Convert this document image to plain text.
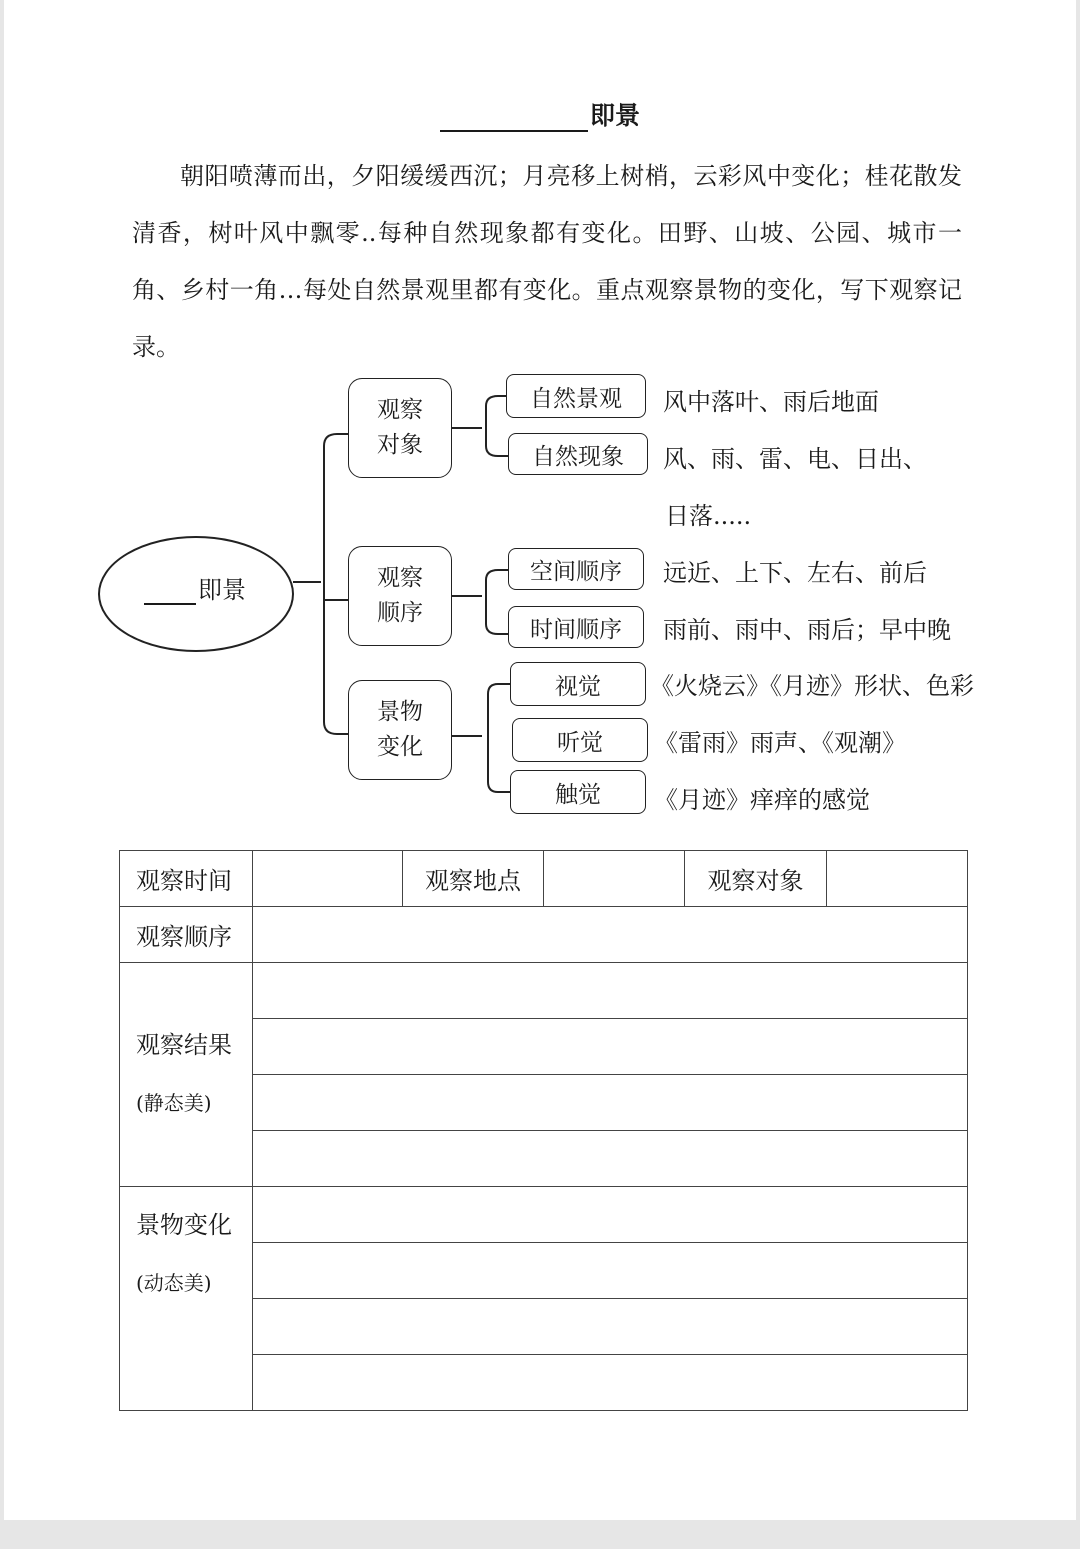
即景

朝阳喷薄而出，夕阳缓缓西沉；月亮移上树梢，云彩风中变化；桂花散发清香，树叶风中飘零..每种自然现象都有变化。田野、山坡、公园、城市一角、乡村一角…每处自然景观里都有变化。重点观察景物的变化，写下观察记录。

即景
观察
对象
观察
顺序
景物
变化
自然景观
自然现象
空间顺序
时间顺序
视觉
听觉
触觉
风中落叶、雨后地面
风、雨、雷、电、日出、
日落.....
远近、上下、左右、前后
雨前、雨中、雨后；早中晚
《火烧云》《月迹》形状、色彩
《雷雨》雨声、《观潮》
《月迹》痒痒的感觉
观察时间		观察地点		观察对象	
观察顺序					

观察结果
(静态美)					

景物变化
(动态美)					
